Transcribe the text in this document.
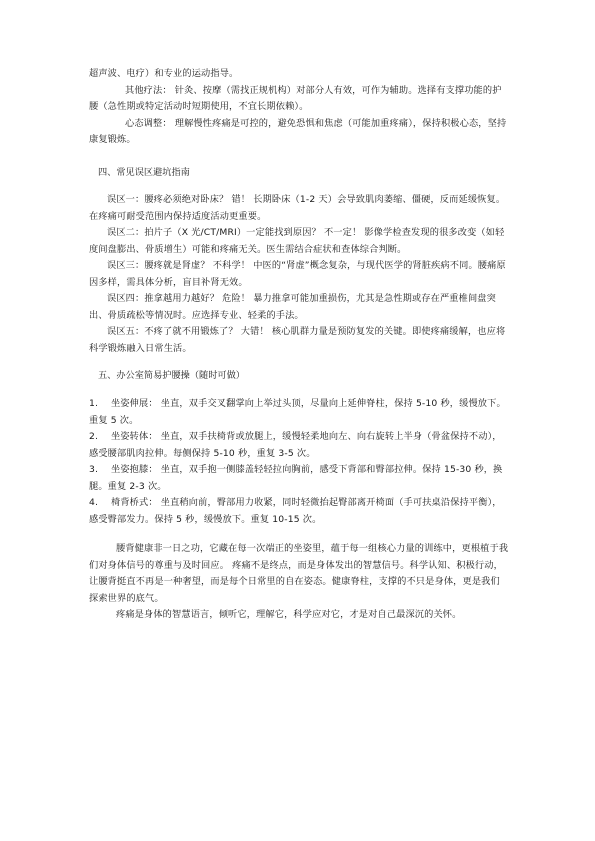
超声波、电疗）和专业的运动指导。
其他疗法： 针灸、按摩（需找正规机构）对部分人有效，可作为辅助。选择有支撑功能的护腰（急性期或特定活动时短期使用，不宜长期依赖）。
心态调整： 理解慢性疼痛是可控的，避免恐惧和焦虑（可能加重疼痛），保持积极心态，坚持康复锻炼。
四、常见误区避坑指南
误区一：腰疼必须绝对卧床？ 错！ 长期卧床（1-2 天）会导致肌肉萎缩、僵硬，反而延缓恢复。在疼痛可耐受范围内保持适度活动更重要。
误区二：拍片子（X 光/CT/MRI）一定能找到原因？ 不一定！ 影像学检查发现的很多改变（如轻度间盘膨出、骨质增生）可能和疼痛无关。医生需结合症状和查体综合判断。
误区三：腰疼就是肾虚？ 不科学！ 中医的“肾虚”概念复杂，与现代医学的肾脏疾病不同。腰痛原因多样，需具体分析，盲目补肾无效。
误区四：推拿越用力越好？ 危险！ 暴力推拿可能加重损伤，尤其是急性期或存在严重椎间盘突出、骨质疏松等情况时。应选择专业、轻柔的手法。
误区五：不疼了就不用锻炼了？ 大错！ 核心肌群力量是预防复发的关键。即使疼痛缓解，也应将科学锻炼融入日常生活。
五、办公室简易护腰操（随时可做）
1. 坐姿伸展： 坐直，双手交叉翻掌向上举过头顶，尽量向上延伸脊柱，保持 5-10 秒，缓慢放下。重复 5 次。
2. 坐姿转体： 坐直，双手扶椅背或放腿上，缓慢轻柔地向左、向右旋转上半身（骨盆保持不动），感受腰部肌肉拉伸。每侧保持 5-10 秒，重复 3-5 次。
3. 坐姿抱膝： 坐直，双手抱一侧膝盖轻轻拉向胸前，感受下背部和臀部拉伸。保持 15-30 秒，换腿。重复 2-3 次。
4. 椅背桥式： 坐直稍向前，臀部用力收紧，同时轻微抬起臀部离开椅面（手可扶桌沿保持平衡），感受臀部发力。保持 5 秒，缓慢放下。重复 10-15 次。
腰背健康非一日之功，它藏在每一次端正的坐姿里，蕴于每一组核心力量的训练中，更根植于我们对身体信号的尊重与及时回应。 疼痛不是终点，而是身体发出的智慧信号。科学认知、积极行动，让腰背挺直不再是一种奢望，而是每个日常里的自在姿态。健康脊柱，支撑的不只是身体，更是我们探索世界的底气。
疼痛是身体的智慧语言，倾听它，理解它，科学应对它，才是对自己最深沉的关怀。
